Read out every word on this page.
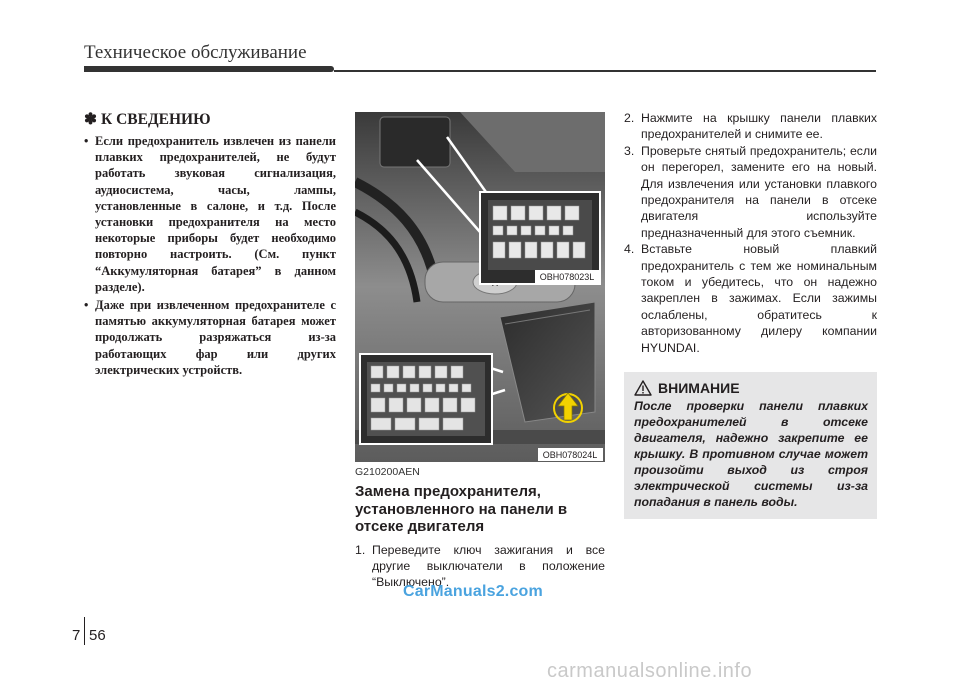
Техническое обслуживание
✽ К СВЕДЕНИЮ
• Если предохранитель извлечен из панели плавких предохранителей, не будут работать звуковая сигнализация, аудиосистема, часы, лампы, установленные в салоне, и т.д. После установки предохранителя на место некоторые приборы будет необходимо повторно настроить. (См. пункт “Аккумуляторная батарея” в данном разделе).
• Даже при извлеченном предохранителе с памятью аккумуляторная батарея может продолжать разряжаться из-за работающих фар или других электрических устройств.
OBH078023L
OBH078024L
G210200AEN
Замена предохранителя, установленного на панели в отсеке двигателя
1. Переведите ключ зажигания и все другие выключатели в положение “Выключено”.
2. Нажмите на крышку панели плавких предохранителей и снимите ее.
3. Проверьте снятый предохранитель; если он перегорел, замените его на новый. Для извлечения или установки плавкого предохранителя на панели в отсеке двигателя используйте предназначенный для этого съемник.
4. Вставьте новый плавкий предохранитель с тем же номинальным током и убедитесь, что он надежно закреплен в зажимах. Если зажимы ослаблены, обратитесь к авторизованному дилеру компании HYUNDAI.
ВНИМАНИЕ
После проверки панели плавких предохранителей в отсеке двигателя, надежно закрепите ее крышку. В противном случае может произойти выход из строя электрической системы из-за попадания в панель воды.
CarManuals2.com
7 56
carmanualsonline.info
